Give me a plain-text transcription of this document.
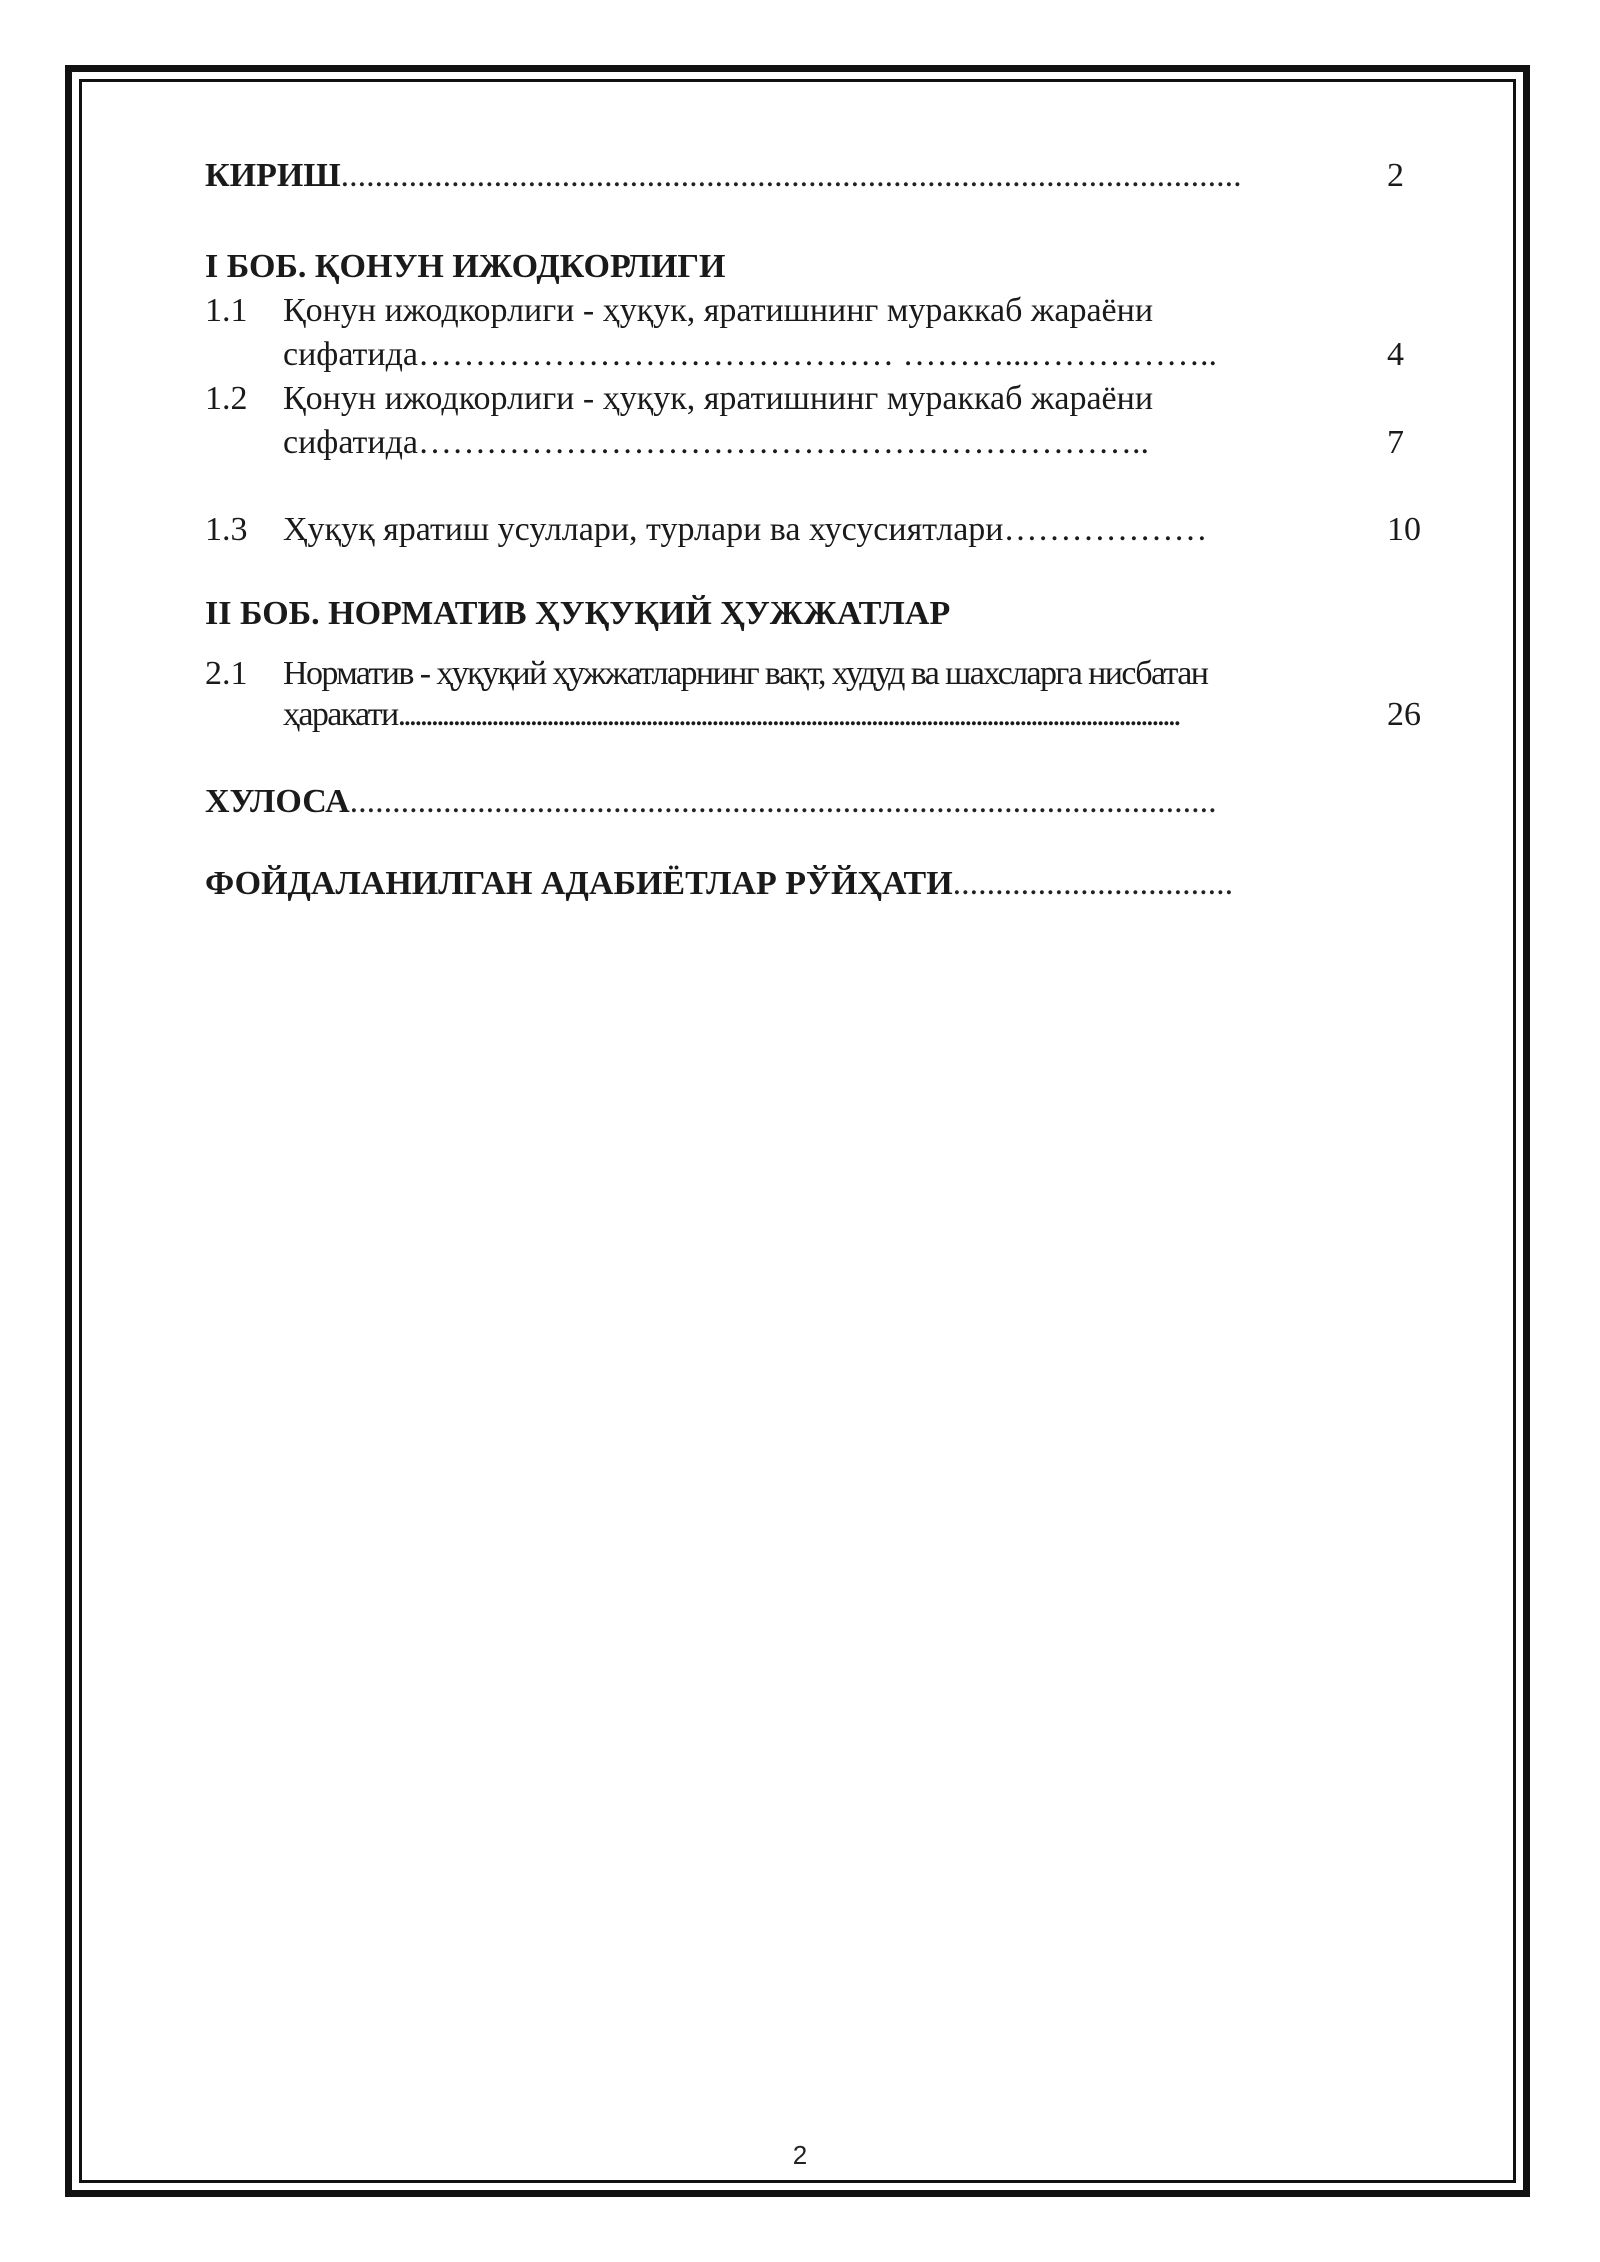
КИРИШ..........................................................................................................	2
I БОБ. ҚОНУН ИЖОДКОРЛИГИ
1.1 Қонун ижодкорлиги - ҳуқук, яратишнинг мураккаб жараёни
сифатида…………………………………… ………...……………..	4
1.2 Қонун ижодкорлиги - ҳуқук, яратишнинг мураккаб жараёни
сифатида………………………………………………………..	7
1.3 Ҳуқуқ яратиш усуллари, турлари ва хусусиятлари………………	10
II БОБ. НОРМАТИВ ҲУҚУҚИЙ ҲУЖЖАТЛАР
2.1 Норматив - ҳуқуқий ҳужжатларнинг вақт, худуд ва шахсларга нисбатан
ҳаракати..............................................................................................................................................	26
ХУЛОСА......................................................................................................
ФОЙДАЛАНИЛГАН АДАБИЁТЛАР РЎЙҲАТИ.................................
2
